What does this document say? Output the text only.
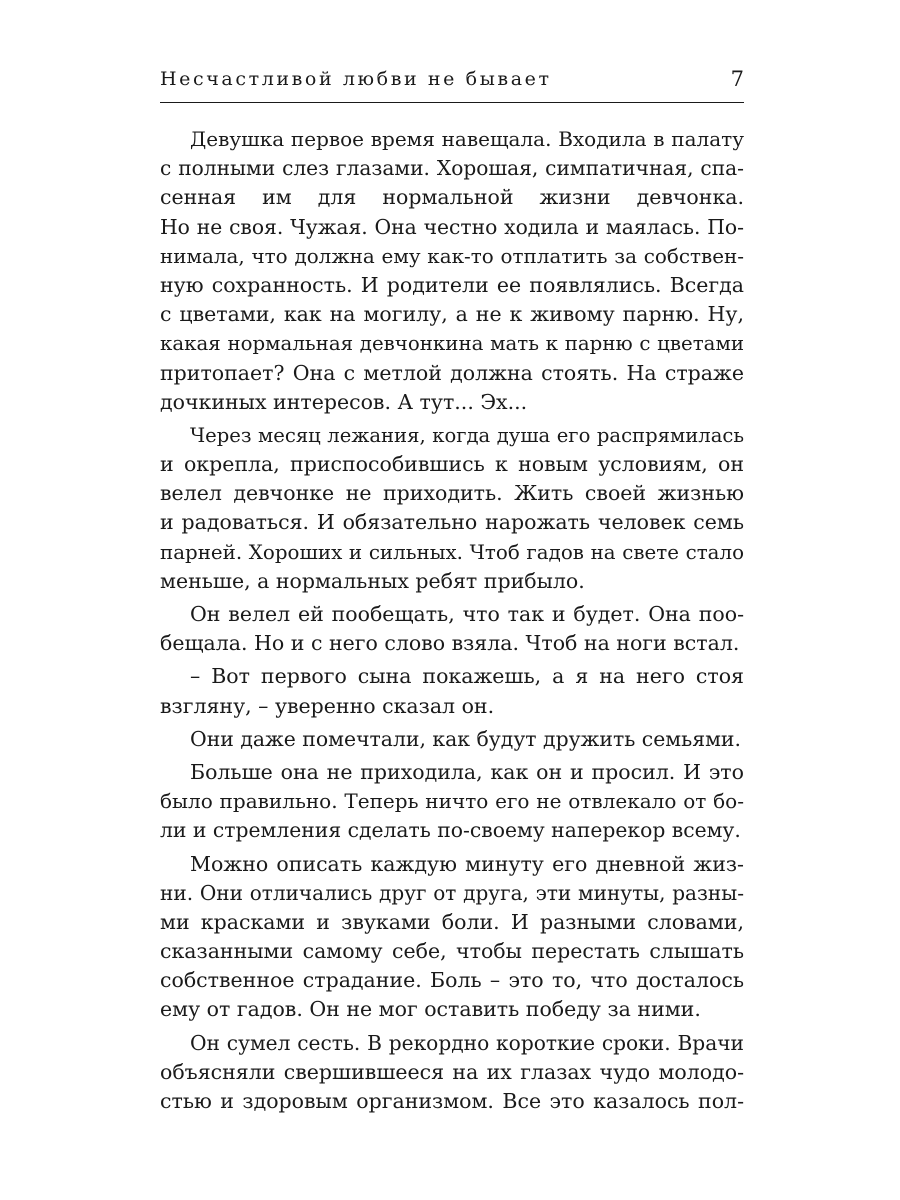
Несчастливой любви не бывает	7
Девушка первое время навещала. Входила в палату
с полными слез глазами. Хорошая, симпатичная, спа-
сенная им для нормальной жизни девчонка.
Но не своя. Чужая. Она честно ходила и маялась. По-
нимала, что должна ему как-то отплатить за собствен-
ную сохранность. И родители ее появлялись. Всегда
с цветами, как на могилу, а не к живому парню. Ну,
какая нормальная девчонкина мать к парню с цветами
притопает? Она с метлой должна стоять. На страже
дочкиных интересов. А тут... Эх...
Через месяц лежания, когда душа его распрямилась
и окрепла, приспособившись к новым условиям, он
велел девчонке не приходить. Жить своей жизнью
и радоваться. И обязательно нарожать человек семь
парней. Хороших и сильных. Чтоб гадов на свете стало
меньше, а нормальных ребят прибыло.
Он велел ей пообещать, что так и будет. Она поо-
бещала. Но и с него слово взяла. Чтоб на ноги встал.
– Вот первого сына покажешь, а я на него стоя
взгляну, – уверенно сказал он.
Они даже помечтали, как будут дружить семьями.
Больше она не приходила, как он и просил. И это
было правильно. Теперь ничто его не отвлекало от бо-
ли и стремления сделать по-своему наперекор всему.
Можно описать каждую минуту его дневной жиз-
ни. Они отличались друг от друга, эти минуты, разны-
ми красками и звуками боли. И разными словами,
сказанными самому себе, чтобы перестать слышать
собственное страдание. Боль – это то, что досталось
ему от гадов. Он не мог оставить победу за ними.
Он сумел сесть. В рекордно короткие сроки. Врачи
объясняли свершившееся на их глазах чудо молодо-
стью и здоровым организмом. Все это казалось пол-
